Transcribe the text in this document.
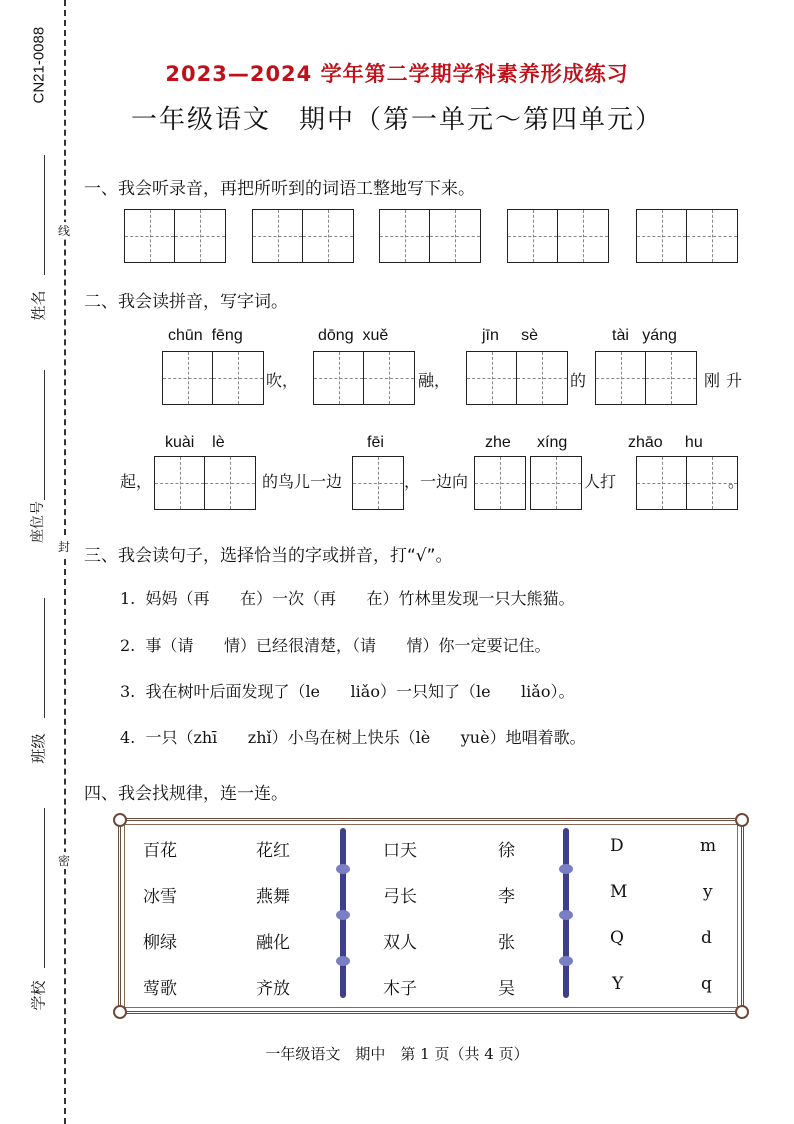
CN21-0088
线
封
密
姓名
座位号
班级
学校
2023—2024 学年第二学期学科素养形成练习
一年级语文　期中（第一单元～第四单元）
一、我会听录音，再把所听到的词语工整地写下来。
二、我会读拼音，写字词。
chūn  fēng
吹，
dōng  xuě
融，
jīn     sè
的
tài   yáng
刚升
起，
kuài    lè
的鸟儿一边
fēi
，一边向
zhe xíng
人打
zhāo     hu
。
三、我会读句子，选择恰当的字或拼音，打“√”。
1.  妈妈（再      在）一次（再      在）竹林里发现一只大熊猫。
2.  事（请      情）已经很清楚，（请      情）你一定要记住。
3.  我在树叶后面发现了（le      liǎo）一只知了（le      liǎo）。
4.  一只（zhī      zhǐ）小鸟在树上快乐（lè      yuè）地唱着歌。
四、我会找规律，连一连。
百花	花红	口天	徐	D	m
冰雪	燕舞	弓长	李	M	y
柳绿	融化	双人	张	Q	d
莺歌	齐放	木子	吴	Y	q
一年级语文　期中　第 1 页（共 4 页）
